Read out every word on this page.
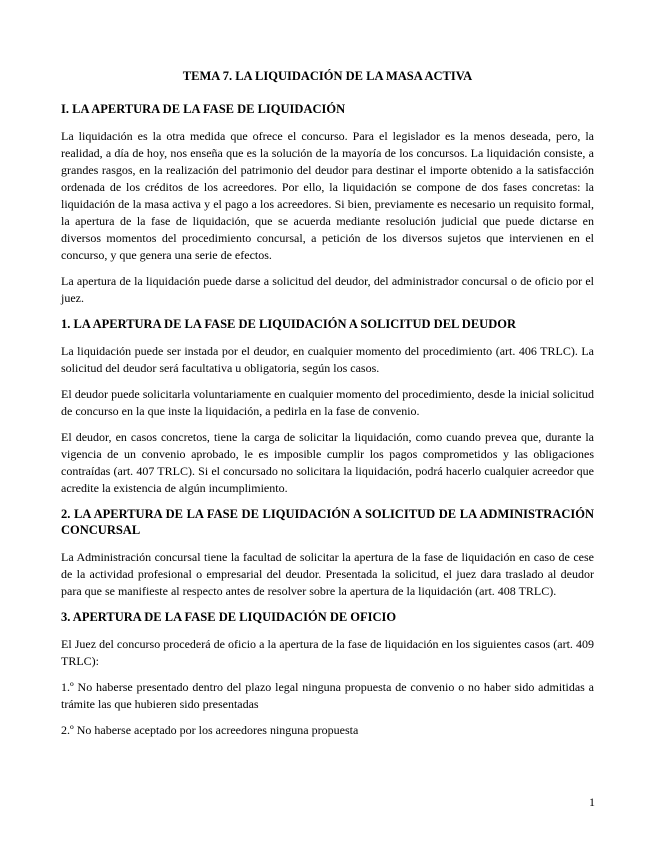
TEMA 7. LA LIQUIDACIÓN DE LA MASA ACTIVA
I. LA APERTURA DE LA FASE DE LIQUIDACIÓN

La liquidación es la otra medida que ofrece el concurso. Para el legislador es la menos deseada, pero, la realidad, a día de hoy, nos enseña que es la solución de la mayoría de los concursos. La liquidación consiste, a grandes rasgos, en la realización del patrimonio del deudor para destinar el importe obtenido a la satisfacción ordenada de los créditos de los acreedores. Por ello, la liquidación se compone de dos fases concretas: la liquidación de la masa activa y el pago a los acreedores. Si bien, previamente es necesario un requisito formal, la apertura de la fase de liquidación, que se acuerda mediante resolución judicial que puede dictarse en diversos momentos del procedimiento concursal, a petición de los diversos sujetos que intervienen en el concurso, y que genera una serie de efectos.

La apertura de la liquidación puede darse a solicitud del deudor, del administrador concursal o de oficio por el juez.

1. LA APERTURA DE LA FASE DE LIQUIDACIÓN A SOLICITUD DEL DEUDOR

La liquidación puede ser instada por el deudor, en cualquier momento del procedimiento (art. 406 TRLC). La solicitud del deudor será facultativa u obligatoria, según los casos.

El deudor puede solicitarla voluntariamente en cualquier momento del procedimiento, desde la inicial solicitud de concurso en la que inste la liquidación, a pedirla en la fase de convenio.

El deudor, en casos concretos, tiene la carga de solicitar la liquidación, como cuando prevea que, durante la vigencia de un convenio aprobado, le es imposible cumplir los pagos comprometidos y las obligaciones contraídas (art. 407 TRLC). Si el concursado no solicitara la liquidación, podrá hacerlo cualquier acreedor que acredite la existencia de algún incumplimiento.

2. LA APERTURA DE LA FASE DE LIQUIDACIÓN A SOLICITUD DE LA ADMINISTRACIÓN CONCURSAL

La Administración concursal tiene la facultad de solicitar la apertura de la fase de liquidación en caso de cese de la actividad profesional o empresarial del deudor. Presentada la solicitud, el juez dara traslado al deudor para que se manifieste al respecto antes de resolver sobre la apertura de la liquidación (art. 408 TRLC).

3. APERTURA DE LA FASE DE LIQUIDACIÓN DE OFICIO

El Juez del concurso procederá de oficio a la apertura de la fase de liquidación en los siguientes casos (art. 409 TRLC):

1.º No haberse presentado dentro del plazo legal ninguna propuesta de convenio o no haber sido admitidas a trámite las que hubieren sido presentadas

2.º No haberse aceptado por los acreedores ninguna propuesta

1
